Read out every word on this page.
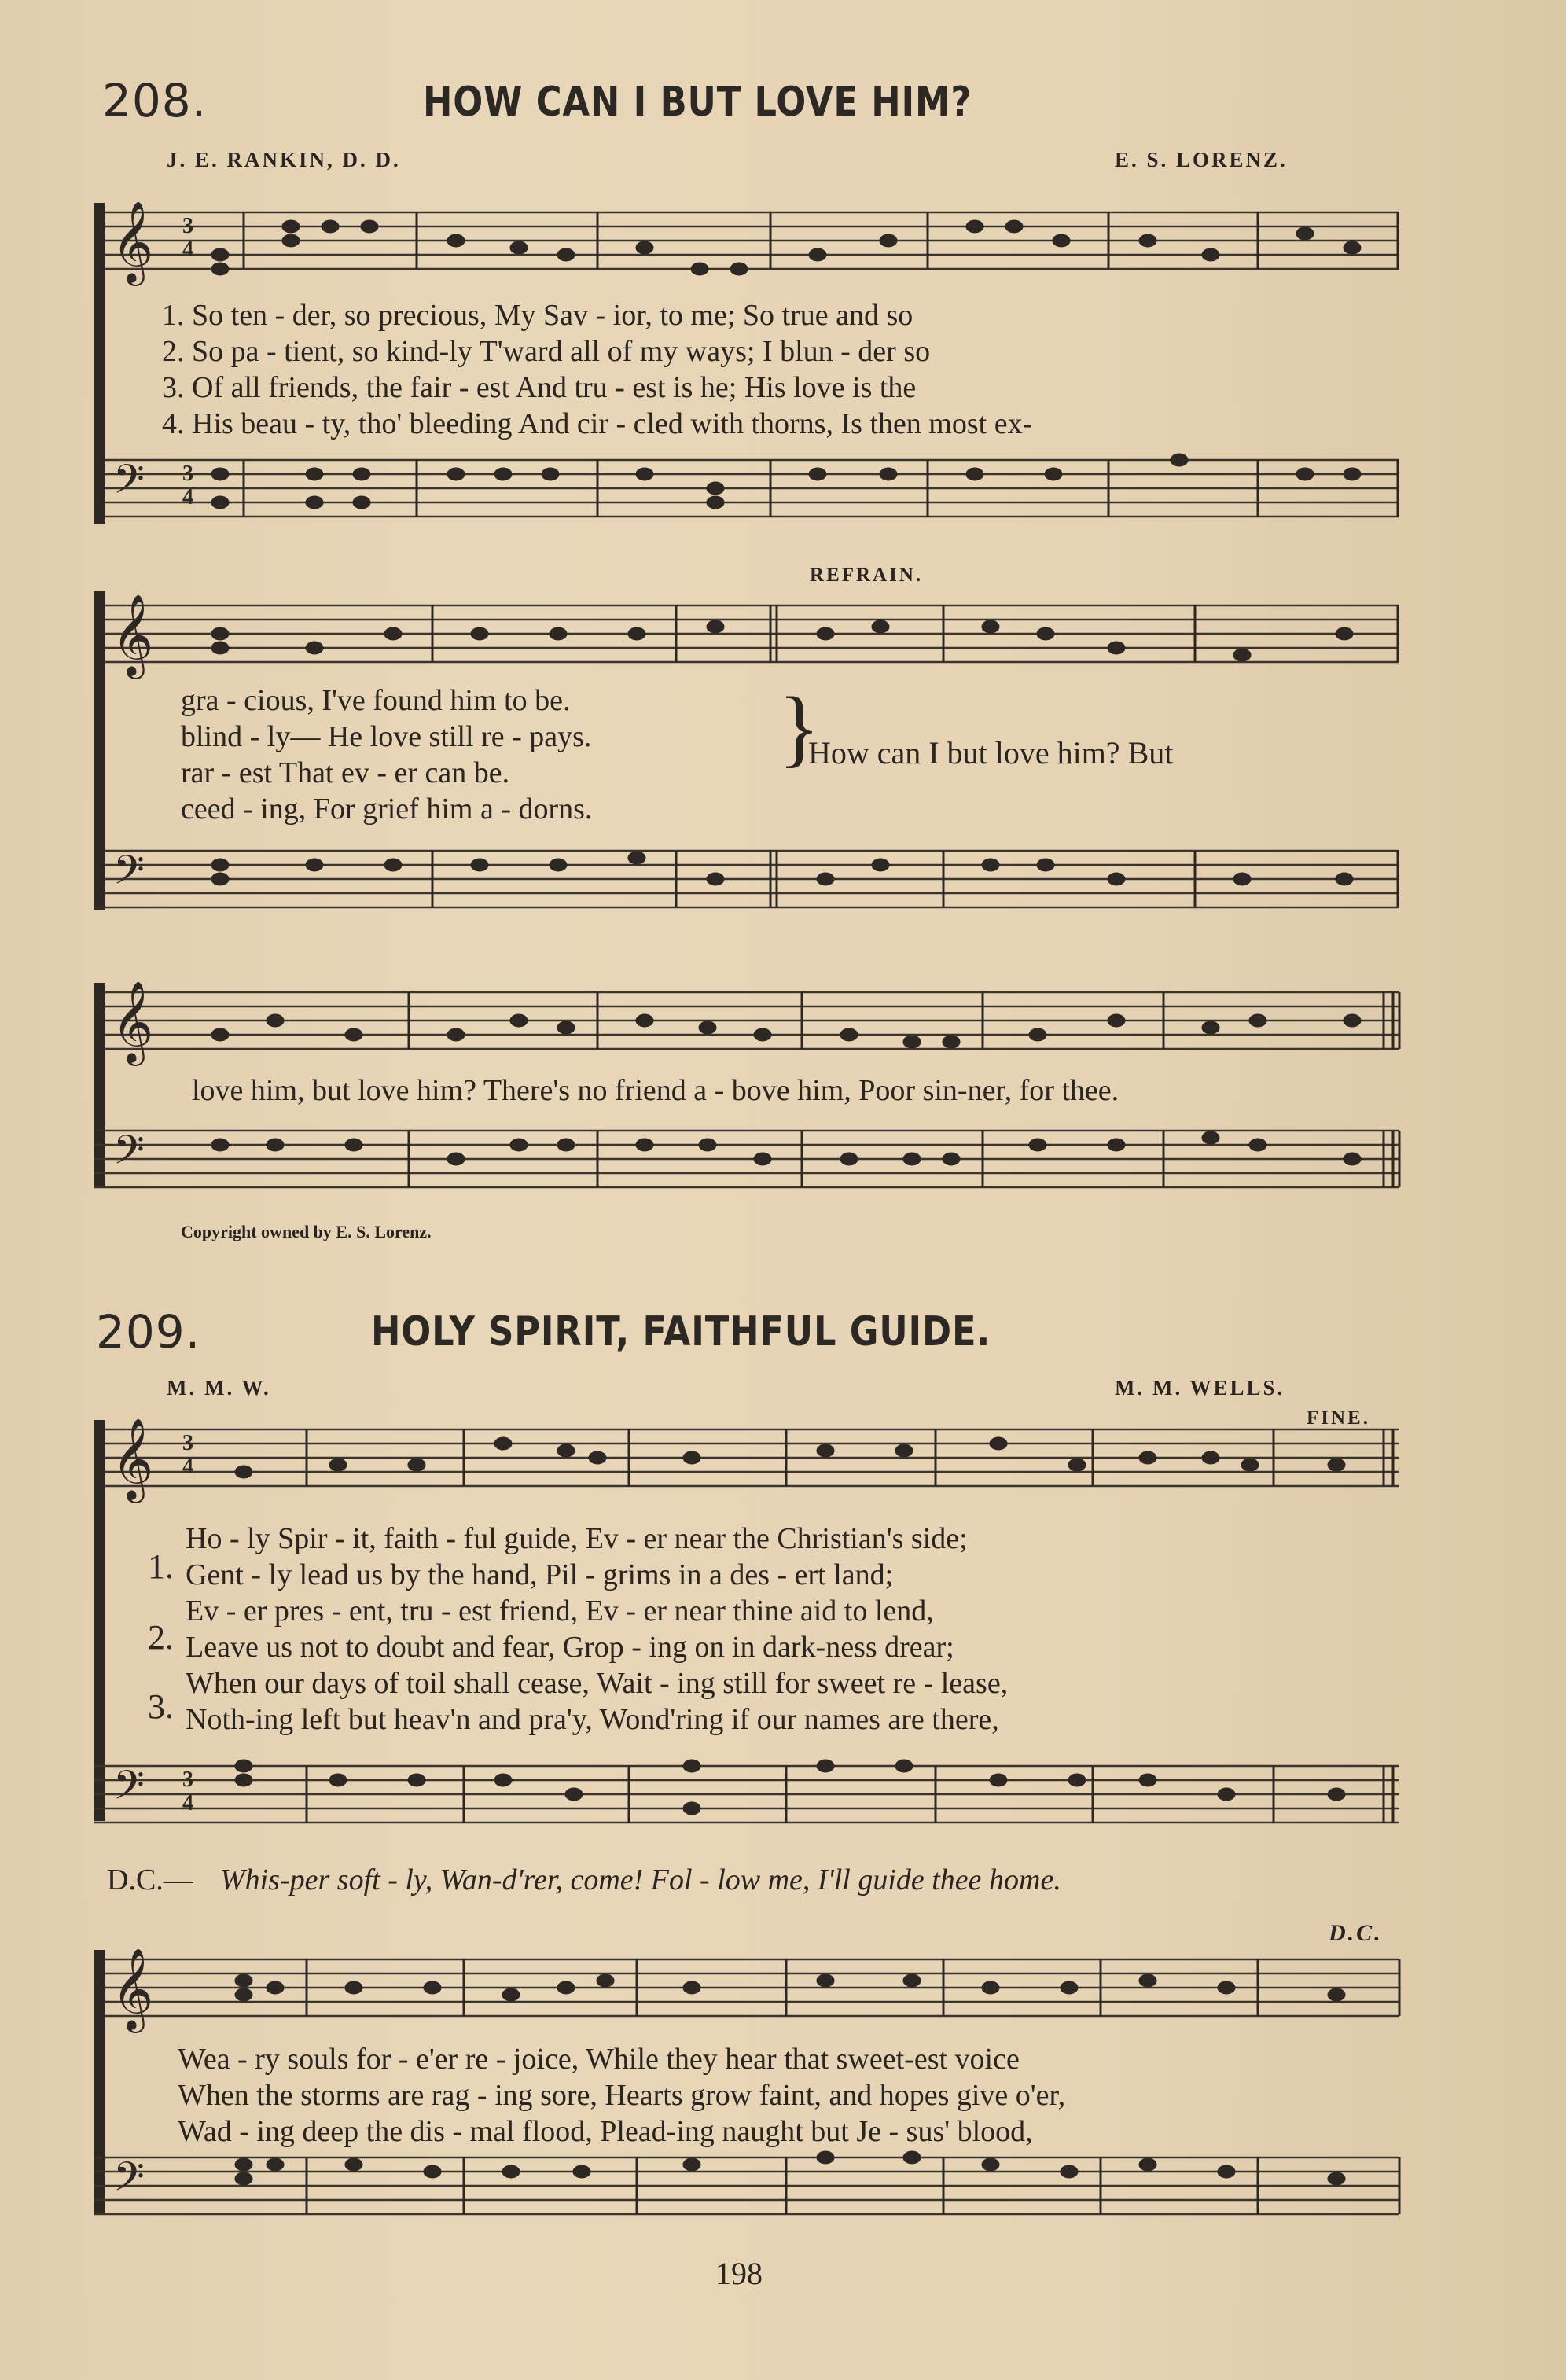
208.	HOW CAN I BUT LOVE HIM?
J. E. RANKIN, D. D.	E. S. LORENZ.
𝄞 3
4
1. So ten - der, so precious, My Sav - ior, to me; So true and so
2. So pa - tient, so kind-ly T'ward all of my ways; I blun - der so
3. Of all friends, the fair - est And tru - est is he; His love is the
4. His beau - ty, tho' bleeding And cir - cled with thorns, Is then most ex-
𝄢 3
4
REFRAIN.
𝄞
gra - cious, I've found him to be.
blind - ly— He love still re - pays.
rar - est That ev - er can be.
ceed - ing, For grief him a - dorns.
}
How can I but love him? But
𝄢
𝄞
love him, but love him? There's no friend a - bove him, Poor sin-ner, for thee.
𝄢
Copyright owned by E. S. Lorenz.
209.	HOLY SPIRIT, FAITHFUL GUIDE.
M. M. W.	M. M. WELLS.
FINE.
𝄞 3
4
1.
2.
3.
Ho - ly Spir - it, faith - ful guide, Ev - er near the Christian's side;
Gent - ly lead us by the hand, Pil - grims in a des - ert land;
Ev - er pres - ent, tru - est friend, Ev - er near thine aid to lend,
Leave us not to doubt and fear, Grop - ing on in dark-ness drear;
When our days of toil shall cease, Wait - ing still for sweet re - lease,
Noth-ing left but heav'n and pra'y, Wond'ring if our names are there,
𝄢 3
4
D.C.— Whis-per soft - ly, Wan-d'rer, come! Fol - low me, I'll guide thee home.
D.C.
𝄞
Wea - ry souls for - e'er re - joice, While they hear that sweet-est voice
When the storms are rag - ing sore, Hearts grow faint, and hopes give o'er,
Wad - ing deep the dis - mal flood, Plead-ing naught but Je - sus' blood,
𝄢
198
